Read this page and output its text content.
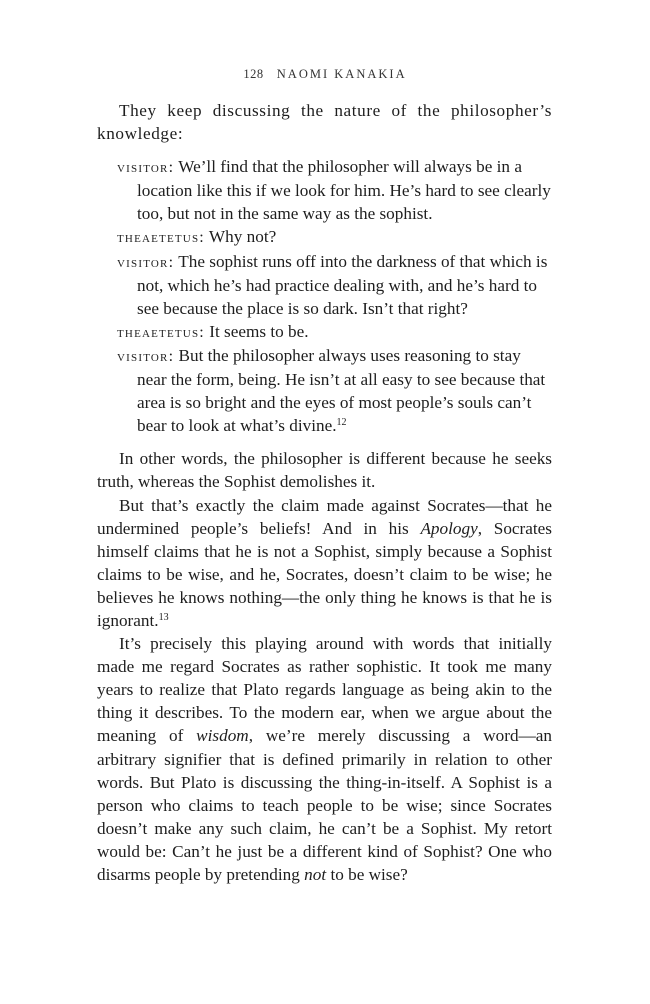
128 NAOMI KANAKIA

They keep discussing the nature of the philosopher’s knowledge:

visitor: We’ll find that the philosopher will always be in a location like this if we look for him. He’s hard to see clearly too, but not in the same way as the sophist.
theaetetus: Why not?
visitor: The sophist runs off into the darkness of that which is not, which he’s had practice dealing with, and he’s hard to see because the place is so dark. Isn’t that right?
theaetetus: It seems to be.
visitor: But the philosopher always uses reasoning to stay near the form, being. He isn’t at all easy to see because that area is so bright and the eyes of most people’s souls can’t bear to look at what’s divine.$^{12}$

In other words, the philosopher is different because he seeks truth, whereas the Sophist demolishes it.

But that’s exactly the claim made against Socrates—that he undermined people’s beliefs! And in his Apology, Socrates himself claims that he is not a Sophist, simply because a Sophist claims to be wise, and he, Socrates, doesn’t claim to be wise; he believes he knows nothing—the only thing he knows is that he is ignorant.$^{13}$

It’s precisely this playing around with words that initially made me regard Socrates as rather sophistic. It took me many years to realize that Plato regards language as being akin to the thing it describes. To the modern ear, when we argue about the meaning of wisdom, we’re merely discussing a word—an arbitrary signifier that is defined primarily in relation to other words. But Plato is discussing the thing-in-itself. A Sophist is a person who claims to teach people to be wise; since Socrates doesn’t make any such claim, he can’t be a Sophist. My retort would be: Can’t he just be a different kind of Sophist? One who disarms people by pretending not to be wise?
